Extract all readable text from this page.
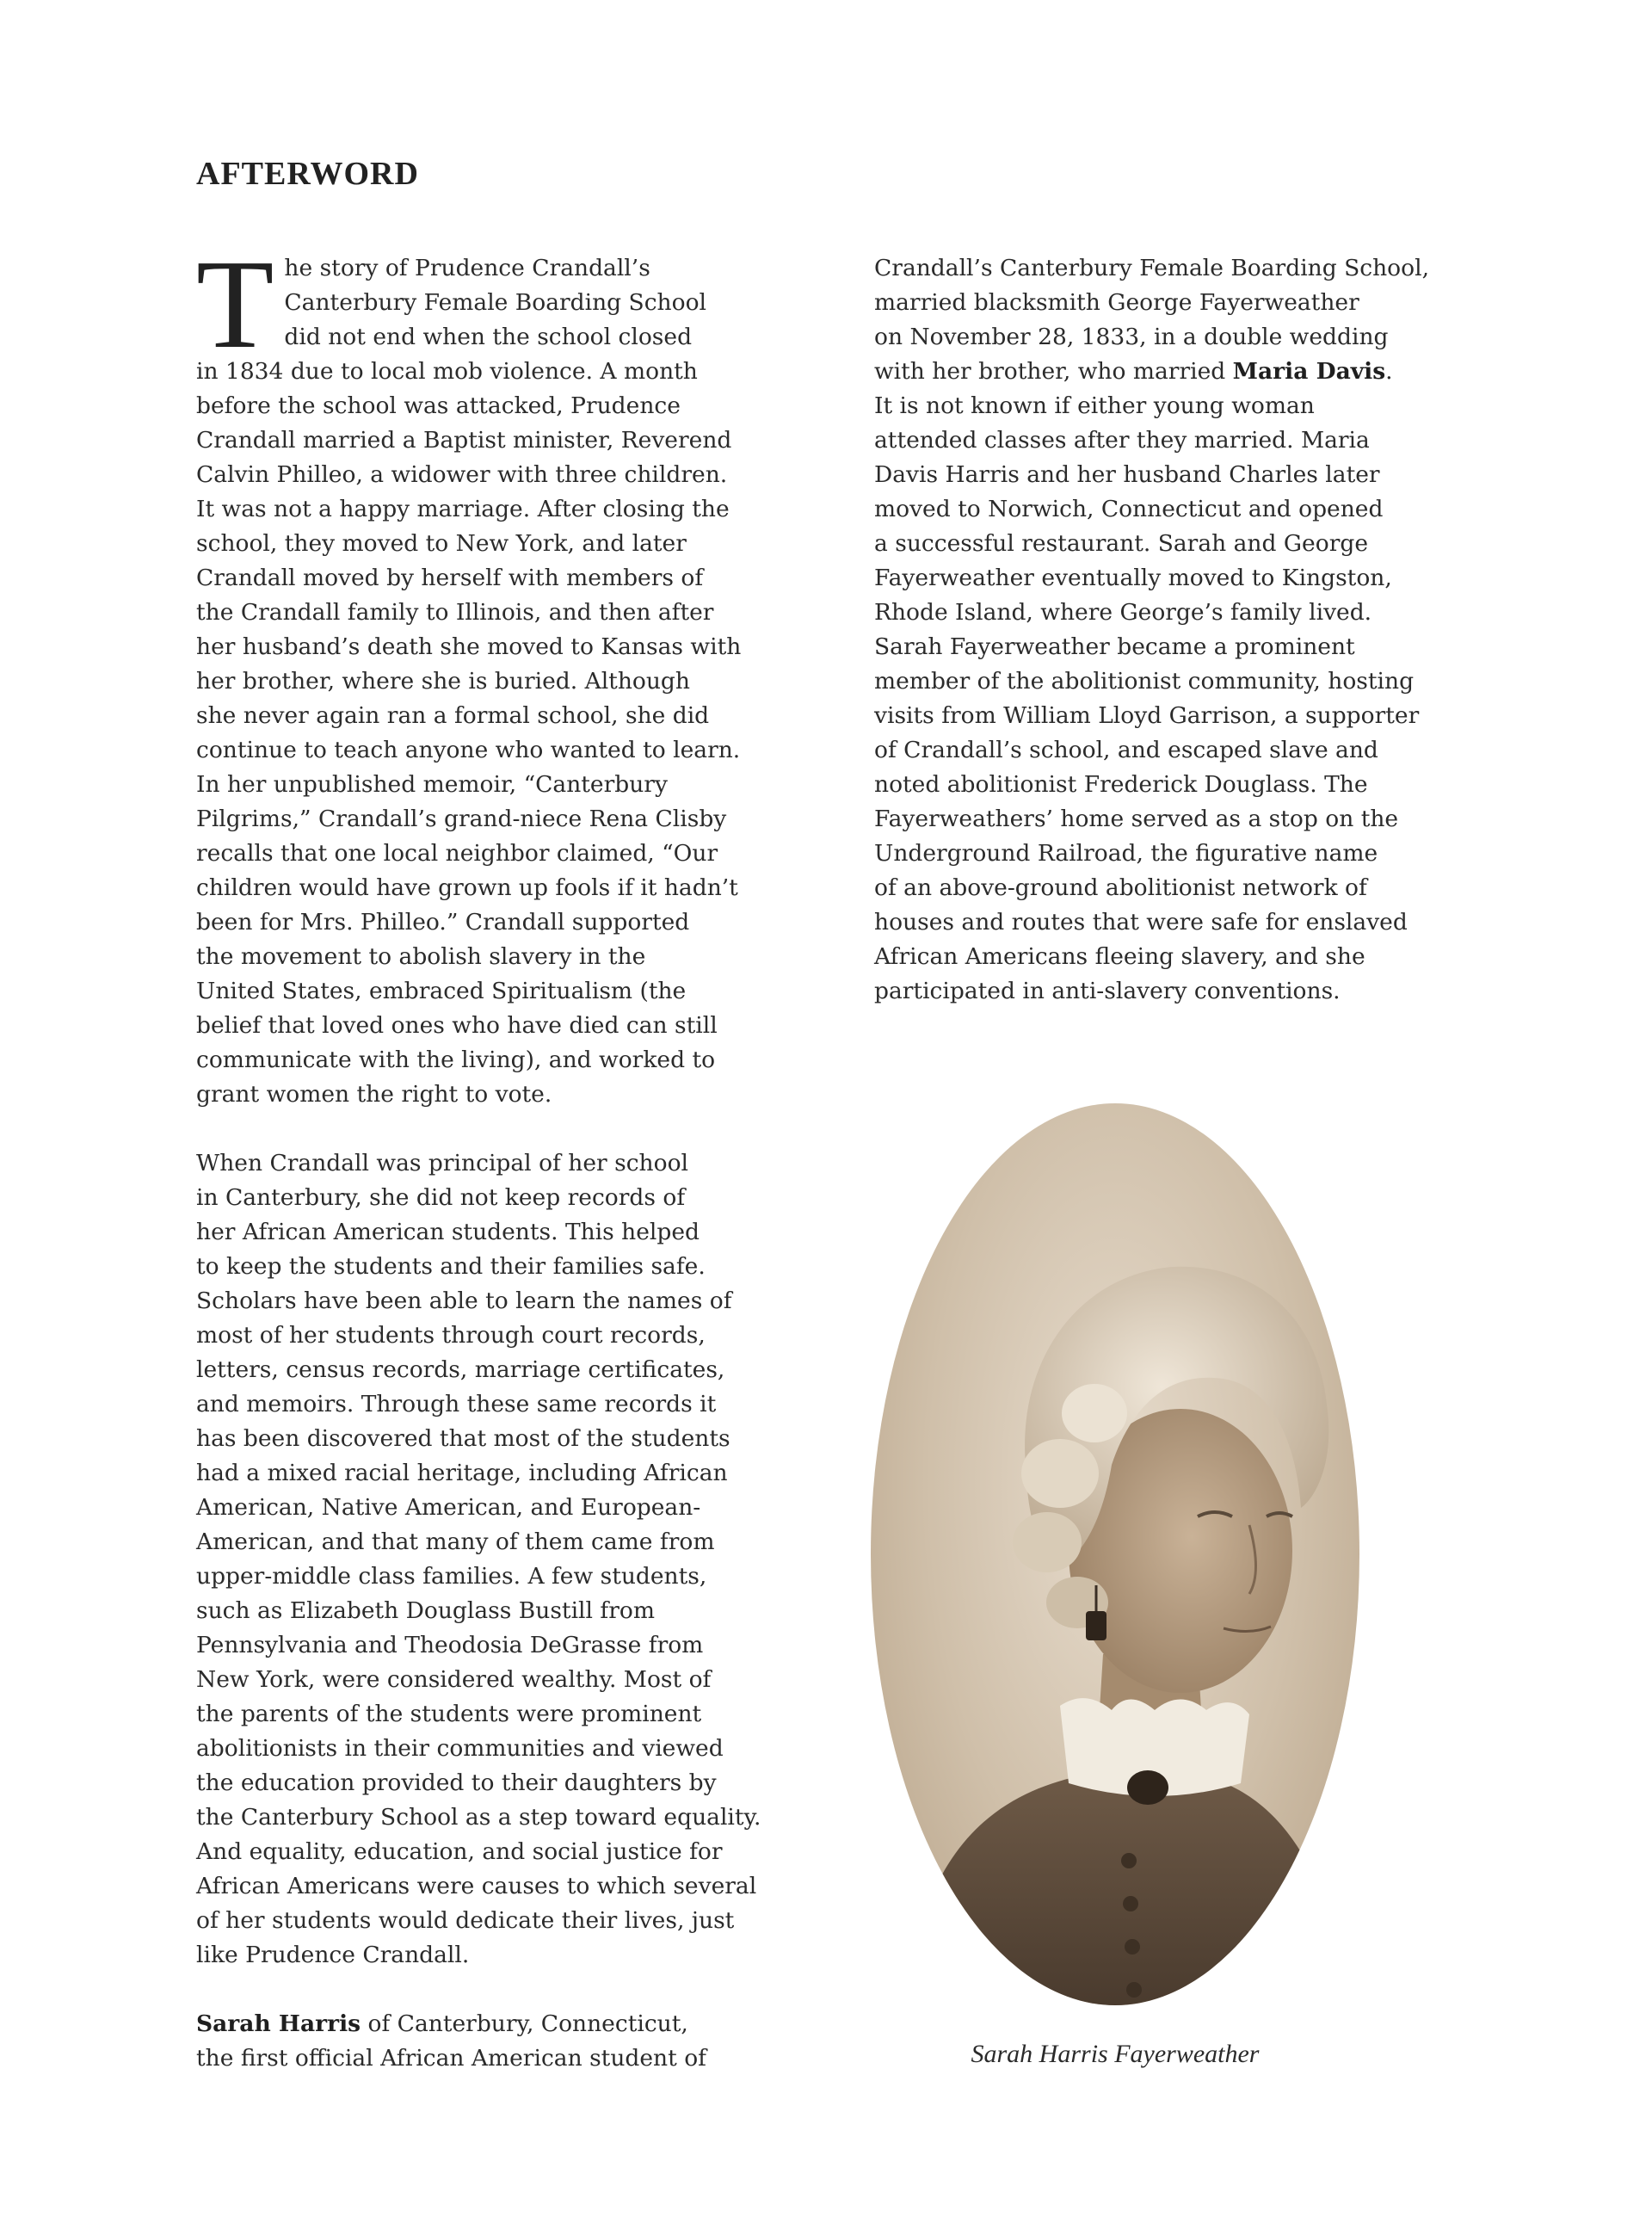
AFTERWORD

The story of Prudence Crandall’s
Canterbury Female Boarding School
did not end when the school closed
in 1834 due to local mob violence. A month
before the school was attacked, Prudence
Crandall married a Baptist minister, Reverend
Calvin Philleo, a widower with three children.
It was not a happy marriage. After closing the
school, they moved to New York, and later
Crandall moved by herself with members of
the Crandall family to Illinois, and then after
her husband’s death she moved to Kansas with
her brother, where she is buried. Although
she never again ran a formal school, she did
continue to teach anyone who wanted to learn.
In her unpublished memoir, “Canterbury
Pilgrims,” Crandall’s grand-niece Rena Clisby
recalls that one local neighbor claimed, “Our
children would have grown up fools if it hadn’t
been for Mrs. Philleo.” Crandall supported
the movement to abolish slavery in the
United States, embraced Spiritualism (the
belief that loved ones who have died can still
communicate with the living), and worked to
grant women the right to vote.

When Crandall was principal of her school
in Canterbury, she did not keep records of
her African American students. This helped
to keep the students and their families safe.
Scholars have been able to learn the names of
most of her students through court records,
letters, census records, marriage certificates,
and memoirs. Through these same records it
has been discovered that most of the students
had a mixed racial heritage, including African
American, Native American, and European-
American, and that many of them came from
upper-middle class families. A few students,
such as Elizabeth Douglass Bustill from
Pennsylvania and Theodosia DeGrasse from
New York, were considered wealthy. Most of
the parents of the students were prominent
abolitionists in their communities and viewed
the education provided to their daughters by
the Canterbury School as a step toward equality.
And equality, education, and social justice for
African Americans were causes to which several
of her students would dedicate their lives, just
like Prudence Crandall.

Sarah Harris of Canterbury, Connecticut,
the first official African American student of

Crandall’s Canterbury Female Boarding School,
married blacksmith George Fayerweather
on November 28, 1833, in a double wedding
with her brother, who married Maria Davis.
It is not known if either young woman
attended classes after they married. Maria
Davis Harris and her husband Charles later
moved to Norwich, Connecticut and opened
a successful restaurant. Sarah and George
Fayerweather eventually moved to Kingston,
Rhode Island, where George’s family lived.
Sarah Fayerweather became a prominent
member of the abolitionist community, hosting
visits from William Lloyd Garrison, a supporter
of Crandall’s school, and escaped slave and
noted abolitionist Frederick Douglass. The
Fayerweathers’ home served as a stop on the
Underground Railroad, the figurative name
of an above-ground abolitionist network of
houses and routes that were safe for enslaved
African Americans fleeing slavery, and she
participated in anti-slavery conventions.

Sarah Harris Fayerweather
